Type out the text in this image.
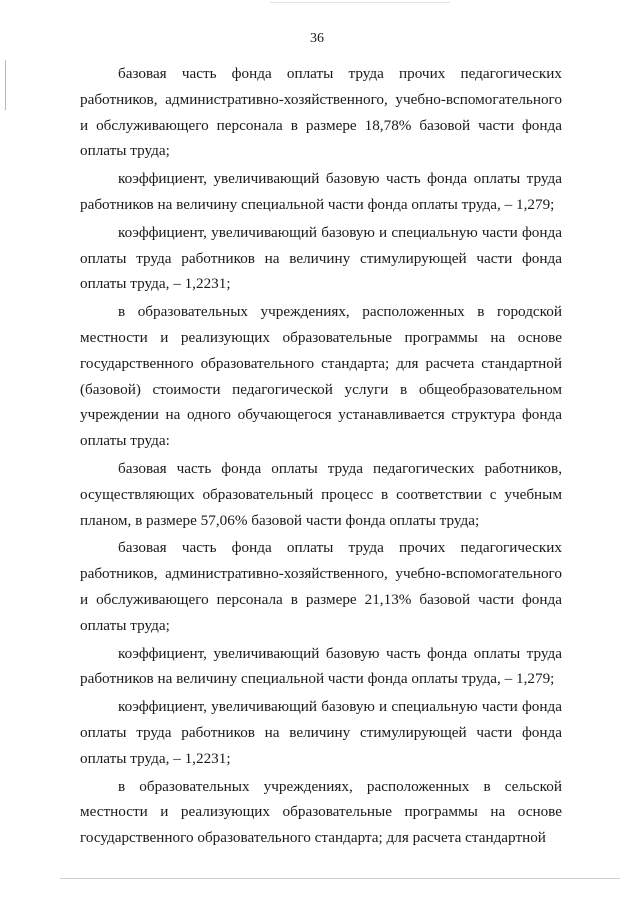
36

базовая часть фонда оплаты труда прочих педагогических работников, административно-хозяйственного, учебно-вспомогательного и обслуживающего персонала в размере 18,78% базовой части фонда оплаты труда;

коэффициент, увеличивающий базовую часть фонда оплаты труда работников на величину специальной части фонда оплаты труда, – 1,279;

коэффициент, увеличивающий базовую и специальную части фонда оплаты труда работников на величину стимулирующей части фонда оплаты труда, – 1,2231;

в образовательных учреждениях, расположенных в городской местности и реализующих образовательные программы на основе государственного образовательного стандарта; для расчета стандартной (базовой) стоимости педагогической услуги в общеобразовательном учреждении на одного обучающегося устанавливается структура фонда оплаты труда:

базовая часть фонда оплаты труда педагогических работников, осуществляющих образовательный процесс в соответствии с учебным планом, в размере 57,06% базовой части фонда оплаты труда;

базовая часть фонда оплаты труда прочих педагогических работников, административно-хозяйственного, учебно-вспомогательного и обслуживающего персонала в размере 21,13% базовой части фонда оплаты труда;

коэффициент, увеличивающий базовую часть фонда оплаты труда работников на величину специальной части фонда оплаты труда, – 1,279;

коэффициент, увеличивающий базовую и специальную части фонда оплаты труда работников на величину стимулирующей части фонда оплаты труда, – 1,2231;

в образовательных учреждениях, расположенных в сельской местности и реализующих образовательные программы на основе государственного образовательного стандарта; для расчета стандартной
